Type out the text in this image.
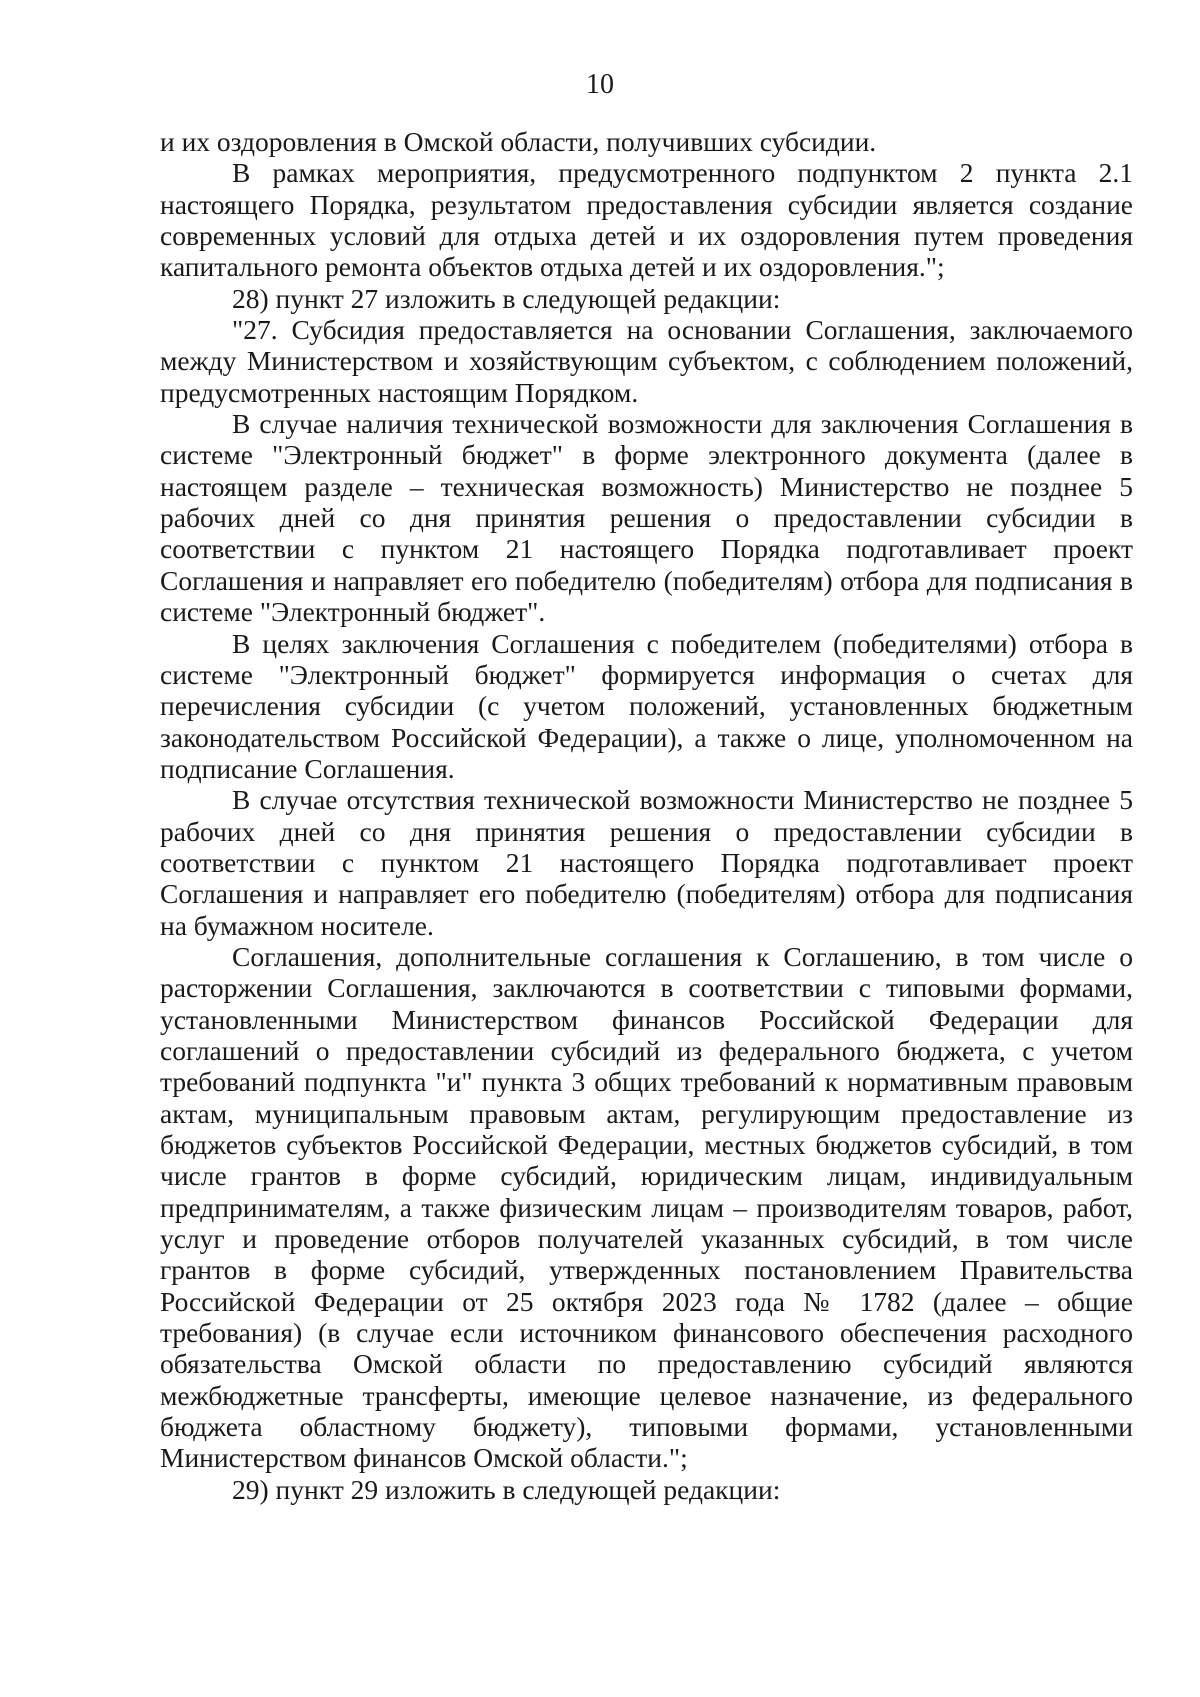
10

и их оздоровления в Омской области, получивших субсидии.

В рамках мероприятия, предусмотренного подпунктом 2 пункта 2.1 настоящего Порядка, результатом предоставления субсидии является создание современных условий для отдыха детей и их оздоровления путем проведения капитального ремонта объектов отдыха детей и их оздоровления.";

28) пункт 27 изложить в следующей редакции:

"27. Субсидия предоставляется на основании Соглашения, заключаемого между Министерством и хозяйствующим субъектом, с соблюдением положений, предусмотренных настоящим Порядком.

В случае наличия технической возможности для заключения Соглашения в системе "Электронный бюджет" в форме электронного документа (далее в настоящем разделе – техническая возможность) Министерство не позднее 5 рабочих дней со дня принятия решения о предоставлении субсидии в соответствии с пунктом 21 настоящего Порядка подготавливает проект Соглашения и направляет его победителю (победителям) отбора для подписания в системе "Электронный бюджет".

В целях заключения Соглашения с победителем (победителями) отбора в системе "Электронный бюджет" формируется информация о счетах для перечисления субсидии (с учетом положений, установленных бюджетным законодательством Российской Федерации), а также о лице, уполномоченном на подписание Соглашения.

В случае отсутствия технической возможности Министерство не позднее 5 рабочих дней со дня принятия решения о предоставлении субсидии в соответствии с пунктом 21 настоящего Порядка подготавливает проект Соглашения и направляет его победителю (победителям) отбора для подписания на бумажном носителе.

Соглашения, дополнительные соглашения к Соглашению, в том числе о расторжении Соглашения, заключаются в соответствии с типовыми формами, установленными Министерством финансов Российской Федерации для соглашений о предоставлении субсидий из федерального бюджета, с учетом требований подпункта "и" пункта 3 общих требований к нормативным правовым актам, муниципальным правовым актам, регулирующим предоставление из бюджетов субъектов Российской Федерации, местных бюджетов субсидий, в том числе грантов в форме субсидий, юридическим лицам, индивидуальным предпринимателям, а также физическим лицам – производителям товаров, работ, услуг и проведение отборов получателей указанных субсидий, в том числе грантов в форме субсидий, утвержденных постановлением Правительства Российской Федерации от 25 октября 2023 года № 1782 (далее – общие требования) (в случае если источником финансового обеспечения расходного обязательства Омской области по предоставлению субсидий являются межбюджетные трансферты, имеющие целевое назначение, из федерального бюджета областному бюджету), типовыми формами, установленными Министерством финансов Омской области.";

29) пункт 29 изложить в следующей редакции:
